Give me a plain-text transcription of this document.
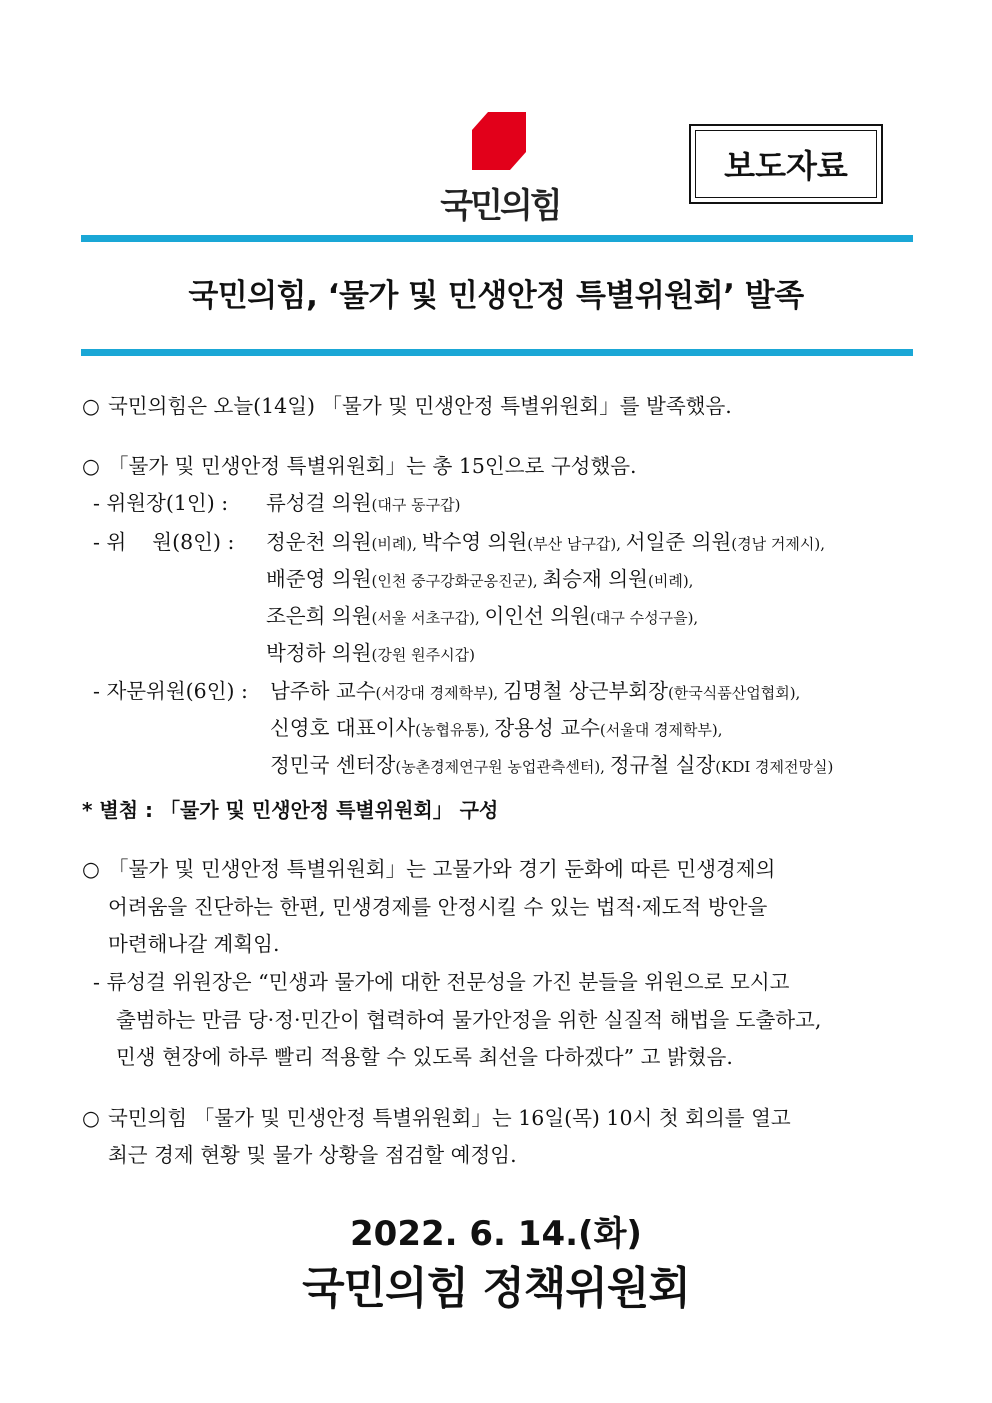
국민의힘
보도자료
국민의힘, ‘물가 및 민생안정 특별위원회’ 발족
○ 국민의힘은 오늘(14일) 「물가 및 민생안정 특별위원회」를 발족했음.
○ 「물가 및 민생안정 특별위원회」는 총 15인으로 구성했음.
- 위원장(1인) : 류성걸 의원(대구 동구갑)
- 위    원(8인) : 정운천 의원(비례), 박수영 의원(부산 남구갑), 서일준 의원(경남 거제시),
배준영 의원(인천 중구강화군옹진군), 최승재 의원(비례),
조은희 의원(서울 서초구갑), 이인선 의원(대구 수성구을),
박정하 의원(강원 원주시갑)
- 자문위원(6인) : 남주하 교수(서강대 경제학부), 김명철 상근부회장(한국식품산업협회),
신영호 대표이사(농협유통), 장용성 교수(서울대 경제학부),
정민국 센터장(농촌경제연구원 농업관측센터), 정규철 실장(KDI 경제전망실)
* 별첨 : 「물가 및 민생안정 특별위원회」 구성
○ 「물가 및 민생안정 특별위원회」는 고물가와 경기 둔화에 따른 민생경제의
어려움을 진단하는 한편, 민생경제를 안정시킬 수 있는 법적·제도적 방안을
마련해나갈 계획임.
- 류성걸 위원장은 “민생과 물가에 대한 전문성을 가진 분들을 위원으로 모시고
출범하는 만큼 당·정·민간이 협력하여 물가안정을 위한 실질적 해법을 도출하고,
민생 현장에 하루 빨리 적용할 수 있도록 최선을 다하겠다” 고 밝혔음.
○ 국민의힘 「물가 및 민생안정 특별위원회」는 16일(목) 10시 첫 회의를 열고
최근 경제 현황 및 물가 상황을 점검할 예정임.
2022. 6. 14.(화)
국민의힘 정책위원회
